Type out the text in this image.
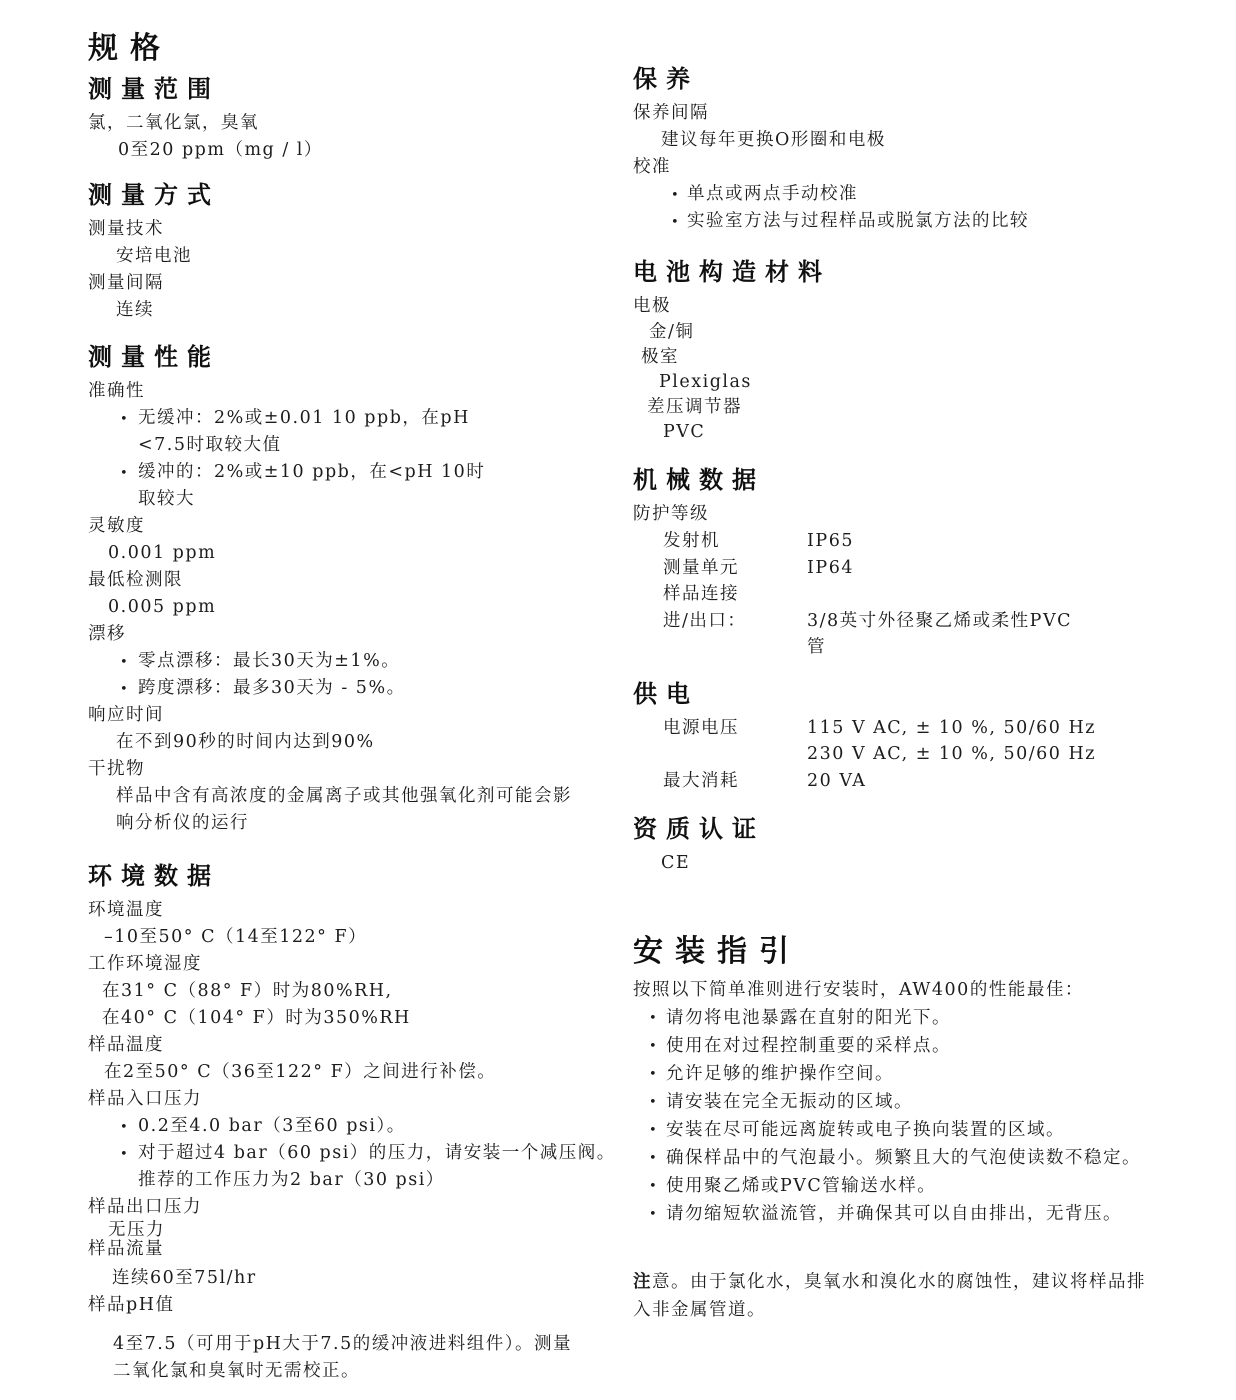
规格
测量范围
氯，二氧化氯，臭氧
0至20 ppm（mg / l）
测量方式
测量技术
安培电池
测量间隔
连续
测量性能
准确性
• 无缓冲：2%或±0.01 10 ppb，在pH
<7.5时取较大值
• 缓冲的：2%或±10 ppb，在<pH 10时
取较大
灵敏度
0.001 ppm
最低检测限
0.005 ppm
漂移
• 零点漂移：最长30天为±1%。
• 跨度漂移：最多30天为 - 5%。
响应时间
在不到90秒的时间内达到90%
干扰物
样品中含有高浓度的金属离子或其他强氧化剂可能会影
响分析仪的运行
环境数据
环境温度
–10至50° C（14至122° F）
工作环境湿度
在31° C（88° F）时为80%RH,
在40° C（104° F）时为350%RH
样品温度
在2至50° C（36至122° F）之间进行补偿。
样品入口压力
• 0.2至4.0 bar（3至60 psi）。
• 对于超过4 bar（60 psi）的压力，请安装一个减压阀。
推荐的工作压力为2 bar（30 psi）
样品出口压力
无压力
样品流量
连续60至75l/hr
样品pH值
4至7.5（可用于pH大于7.5的缓冲液进料组件）。测量
二氧化氯和臭氧时无需校正。
保养
保养间隔
建议每年更换O形圈和电极
校准
• 单点或两点手动校准
• 实验室方法与过程样品或脱氯方法的比较
电池构造材料
电极
金/铜
极室
Plexiglas
差压调节器
PVC
机械数据
防护等级
发射机	IP65
测量单元	IP64
样品连接
进/出口：	3/8英寸外径聚乙烯或柔性PVC
管
供电
电源电压	115 V AC, ± 10 %, 50/60 Hz
230 V AC, ± 10 %, 50/60 Hz
最大消耗	20 VA
资质认证
CE
安装指引
按照以下简单准则进行安装时，AW400的性能最佳：
• 请勿将电池暴露在直射的阳光下。
• 使用在对过程控制重要的采样点。
• 允许足够的维护操作空间。
• 请安装在完全无振动的区域。
• 安装在尽可能远离旋转或电子换向装置的区域。
• 确保样品中的气泡最小。频繁且大的气泡使读数不稳定。
• 使用聚乙烯或PVC管输送水样。
• 请勿缩短软溢流管，并确保其可以自由排出，无背压。
注意。由于氯化水，臭氧水和溴化水的腐蚀性，建议将样品排
入非金属管道。
